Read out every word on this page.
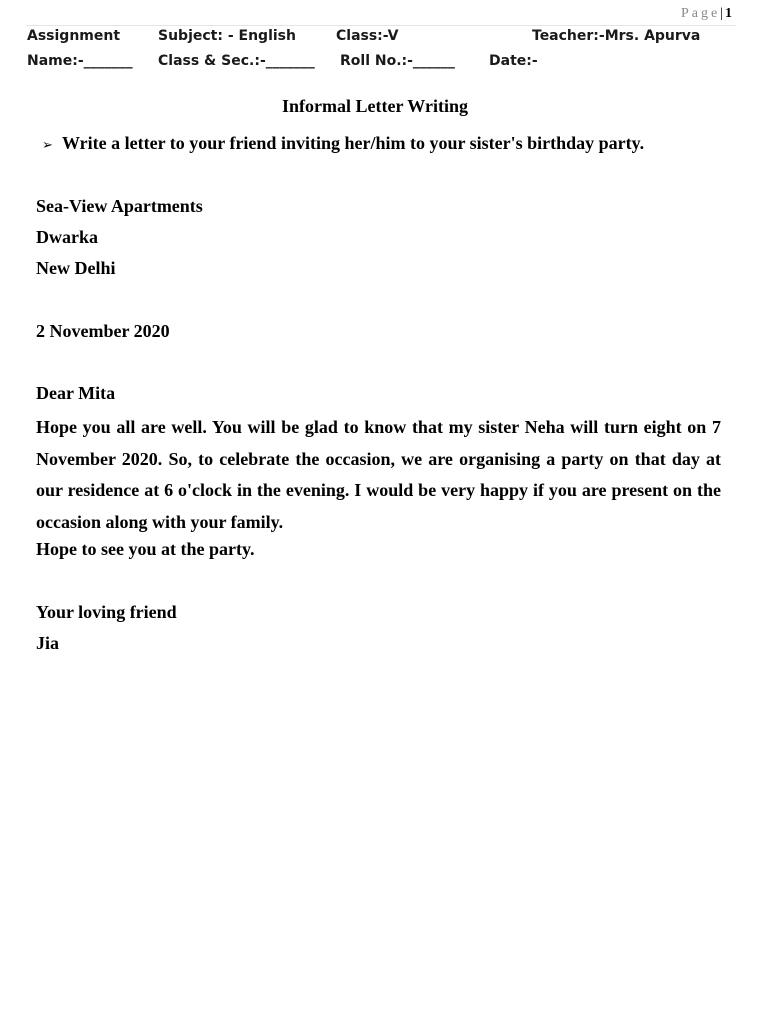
Page | 1
Assignment	Subject: - English	Class:-V	Teacher:-Mrs. Apurva
Name:-_______ Class & Sec.:-_______ Roll No.:-______ Date:-
Informal Letter Writing
➢ Write a letter to your friend inviting her/him to your sister's birthday party.
Sea-View Apartments
Dwarka
New Delhi
2 November 2020
Dear Mita
Hope you all are well. You will be glad to know that my sister Neha will turn eight on 7 November 2020. So, to celebrate the occasion, we are organising a party on that day at our residence at 6 o'clock in the evening. I would be very happy if you are present on the occasion along with your family.
Hope to see you at the party.
Your loving friend
Jia
